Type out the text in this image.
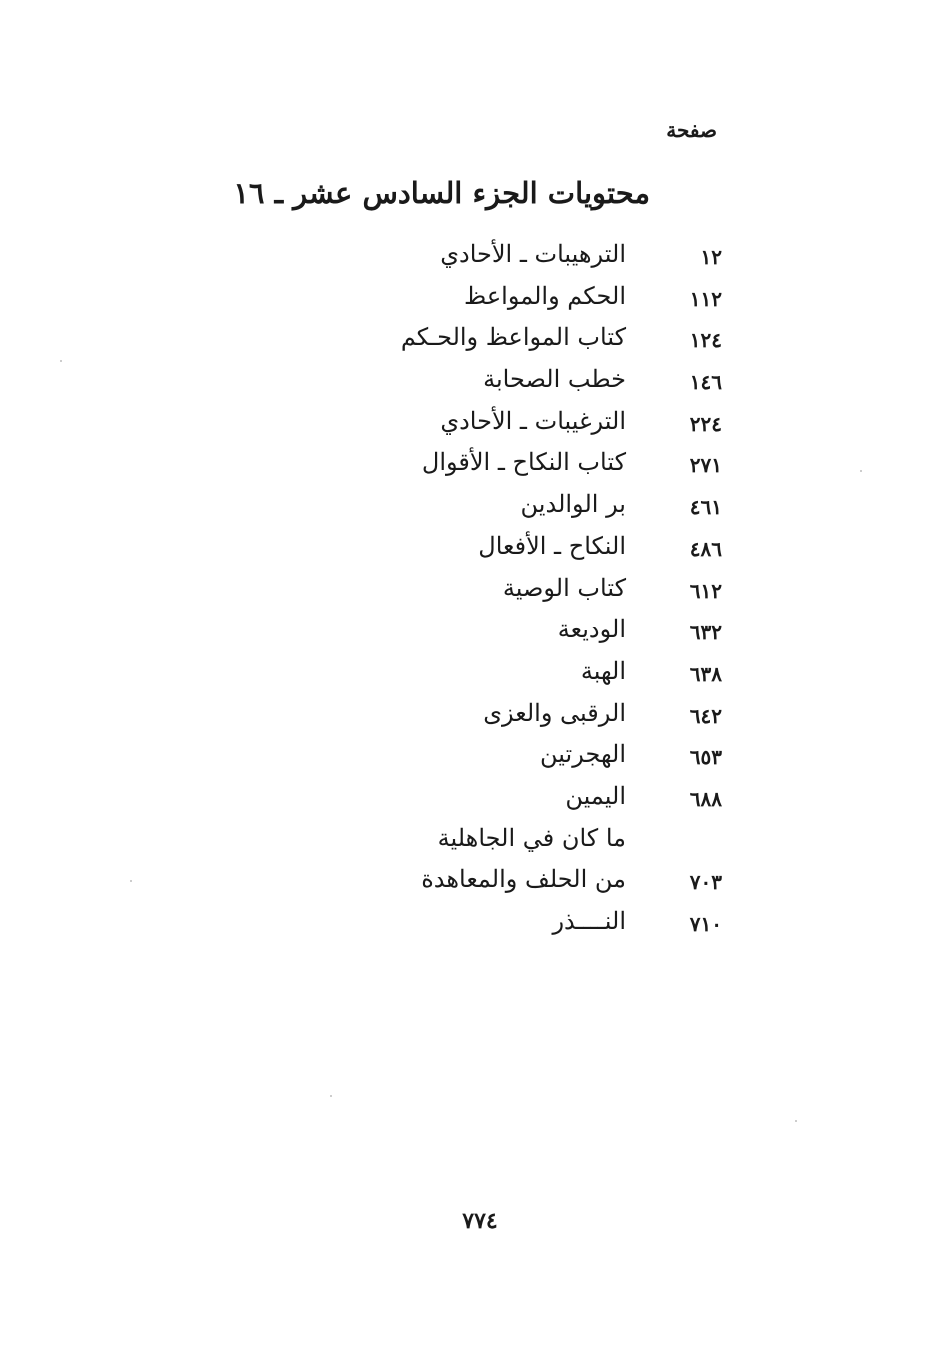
صفحة
محتويات الجزء السادس عشر ـ ١٦
١٢
الترهيبات ـ الأحادي
١١٢
الحكم والمواعظ
١٢٤
كتاب المواعظ والحـكم
١٤٦
خطب الصحابة
٢٢٤
الترغيبات ـ الأحادي
٢٧١
كتاب النكاح ـ الأقوال
٤٦١
بر الوالدين
٤٨٦
النكاح ـ الأفعال
٦١٢
كتاب الوصية
٦٣٢
الوديعة
٦٣٨
الهبة
٦٤٢
الرقبى والعزى
٦٥٣
الهجرتين
٦٨٨
اليمين
ما كان في الجاهلية
٧٠٣
من الحلف والمعاهدة
٧١٠
النــــذر
٧٧٤
